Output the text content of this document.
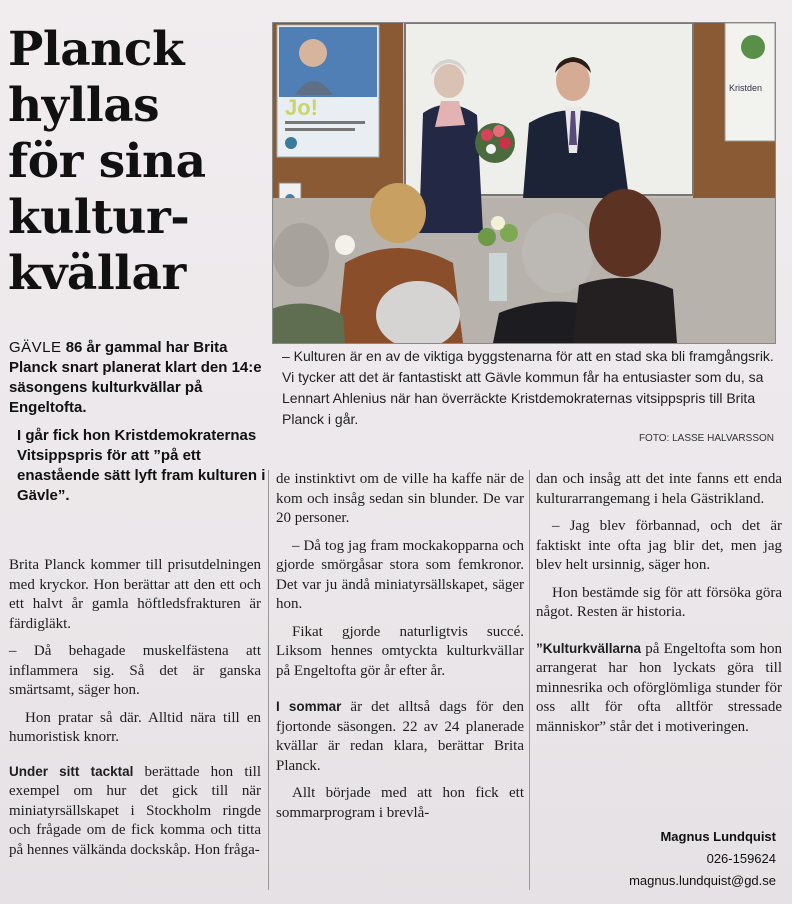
Planck
hyllas
för sina
kultur-
kvällar

GÄVLE 86 år gammal har Brita Planck snart planerat klart den 14:e säsongens kulturkvällar på Engeltofta.

I går fick hon Kristdemokraternas Vitsippspris för att ”på ett enastående sätt lyft fram kulturen i Gävle”.

Jo!
Kristden
– Kulturen är en av de viktiga byggstenarna för att en stad ska bli framgångsrik. Vi tycker att det är fantastiskt att Gävle kommun får ha entusiaster som du, sa Lennart Ahlenius när han överräckte Kristdemokraternas vitsippspris till Brita Planck i går.
FOTO: LASSE HALVARSSON

Brita Planck kommer till prisutdelningen med kryckor. Hon berättar att den ett och ett halvt år gamla höftledsfrakturen är färdigläkt.

– Då behagade muskelfästena att inflammera sig. Så det är ganska smärtsamt, säger hon.

Hon pratar så där. Alltid nära till en humoristisk knorr.

Under sitt tacktal berättade hon till exempel om hur det gick till när miniatyrsällskapet i Stockholm ringde och frågade om de fick komma och titta på hennes välkända dockskåp. Hon fråga-

de instinktivt om de ville ha kaffe när de kom och insåg sedan sin blunder. De var 20 personer.

– Då tog jag fram mockakopparna och gjorde smörgåsar stora som femkronor. Det var ju ändå miniatyrsällskapet, säger hon.

Fikat gjorde naturligtvis succé. Liksom hennes omtyckta kulturkvällar på Engeltofta gör år efter år.

I sommar är det alltså dags för den fjortonde säsongen. 22 av 24 planerade kvällar är redan klara, berättar Brita Planck.

Allt började med att hon fick ett sommarprogram i brevlå-

dan och insåg att det inte fanns ett enda kulturarrangemang i hela Gästrikland.

– Jag blev förbannad, och det är faktiskt inte ofta jag blir det, men jag blev helt ursinnig, säger hon.

Hon bestämde sig för att försöka göra något. Resten är historia.

”Kulturkvällarna på Engeltofta som hon arrangerat har hon lyckats göra till minnesrika och oförglömliga stunder för oss allt för ofta alltför stressade människor” står det i motiveringen.

Magnus Lundquist
026-159624
magnus.lundquist@gd.se
